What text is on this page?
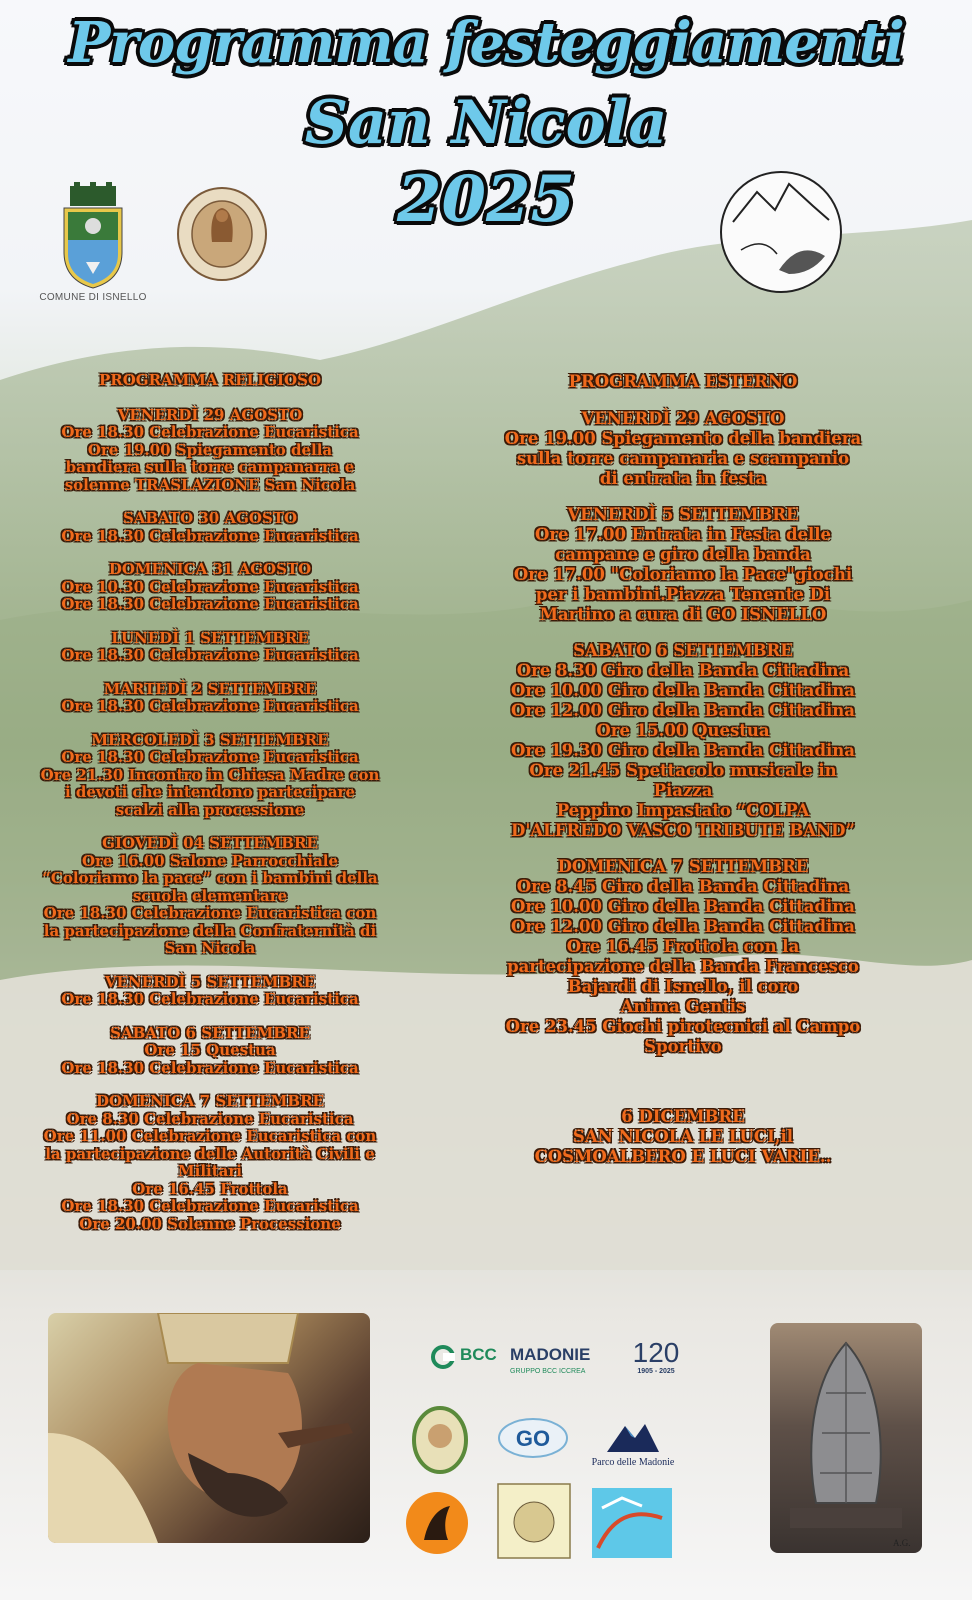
Programma festeggiamenti
San Nicola
2025
COMUNE DI ISNELLO
PROGRAMMA RELIGIOSO
VENERDÌ 29 AGOSTO
Ore 18.30 Celebrazione Eucaristica
Ore 19.00 Spiegamento della
bandiera sulla torre campanarra e
solenne TRASLAZIONE San Nicola
SABATO 30 AGOSTO
Ore 18.30 Celebrazione Eucaristica
DOMENICA 31 AGOSTO
Ore 10.30 Celebrazione Eucaristica
Ore 18.30 Celebrazione Eucaristica
LUNEDÌ 1 SETTEMBRE
Ore 18.30 Celebrazione Eucaristica
MARTEDÌ 2 SETTEMBRE
Ore 18.30 Celebrazione Eucaristica
MERCOLEDÌ 3 SETTEMBRE
Ore 18.30 Celebrazione Eucaristica
Ore 21.30 Incontro in Chiesa Madre con
i devoti che intendono partecipare
scalzi alla processione
GIOVEDÌ 04 SETTEMBRE
Ore 16.00 Salone Parrocchiale
“Coloriamo la pace” con i bambini della
scuola elementare
Ore 18.30 Celebrazione Eucaristica con
la partecipazione della Confraternità di
San Nicola
VENERDÌ 5 SETTEMBRE
Ore 18.30 Celebrazione Eucaristica
SABATO 6 SETTEMBRE
Ore 15 Questua
Ore 18.30 Celebrazione Eucaristica
DOMENICA 7 SETTEMBRE
Ore 8.30 Celebrazione Eucaristica
Ore 11.00 Celebrazione Eucaristica con
la partecipazione delle Autorità Civili e
Militari
Ore 16.45 Frottola
Ore 18.30 Celebrazione Eucaristica
Ore 20.00 Solenne Processione
PROGRAMMA ESTERNO
VENERDÌ 29 AGOSTO
Ore 19.00 Spiegamento della bandiera
sulla torre campanaria e scampanio
di entrata in festa
VENERDÌ 5 SETTEMBRE
Ore 17.00 Entrata in Festa delle
campane e giro della banda
Ore 17.00 "Coloriamo la Pace"giochi
per i bambini.Piazza Tenente Di
Martino a cura di GO ISNELLO
SABATO 6 SETTEMBRE
Ore 8.30 Giro della Banda Cittadina
Ore 10.00 Giro della Banda Cittadina
Ore 12.00 Giro della Banda Cittadina
Ore 15.00 Questua
Ore 19.30 Giro della Banda Cittadina
Ore 21.45 Spettacolo musicale in
Piazza
Peppino Impastato “COLPA
D'ALFREDO VASCO TRIBUTE BAND”
DOMENICA 7 SETTEMBRE
Ore 8.45 Giro della Banda Cittadina
Ore 10.00 Giro della Banda Cittadina
Ore 12.00 Giro della Banda Cittadina
Ore 16.45 Frottola con la
partecipazione della Banda Francesco
Bajardi di Isnello, il coro
Anima Gentis
Ore 23.45 Giochi pirotecnici al Campo
Sportivo
6 DICEMBRE
SAN NICOLA LE LUCI,il
COSMOALBERO E LUCI VARIE..
A.G.
BCC MADONIE
GRUPPO BCC ICCREA
120
1905 - 2025
GO
Parco delle Madonie
